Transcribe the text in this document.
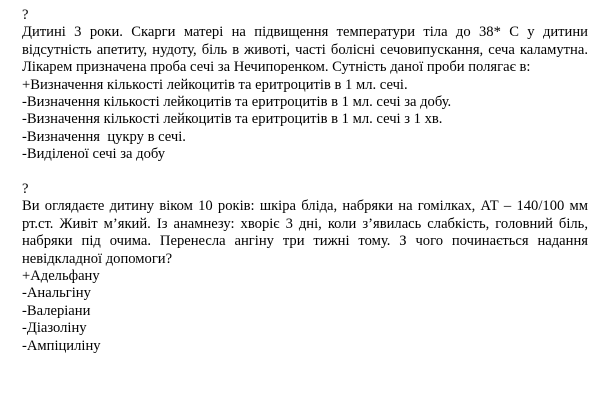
?
Дитині 3 роки. Скарги матері на підвищення температури тіла до 38* С у дитини відсутність апетиту, нудоту, біль в животі, часті болісні сечовипускання, сеча каламутна. Лікарем призначена проба сечі за Нечипоренком. Сутність даної проби полягає в:
+Визначення кількості лейкоцитів та еритроцитів в 1 мл. сечі.
-Визначення кількості лейкоцитів та еритроцитів в 1 мл. сечі за добу.
-Визначення кількості лейкоцитів та еритроцитів в 1 мл. сечі з 1 хв.
-Визначення  цукру в сечі.
-Виділеної сечі за добу
?
Ви оглядаєте дитину віком 10 років: шкіра бліда, набряки на гомілках, АТ – 140/100 мм рт.ст. Живіт м’який. Із анамнезу: хворіє 3 дні, коли з’явилась слабкість, головний біль, набряки під очима. Перенесла ангіну три тижні тому. З чого починається надання невідкладної допомоги?
+Адельфану
-Анальгіну
-Валеріани
-Діазоліну
-Ампіциліну
